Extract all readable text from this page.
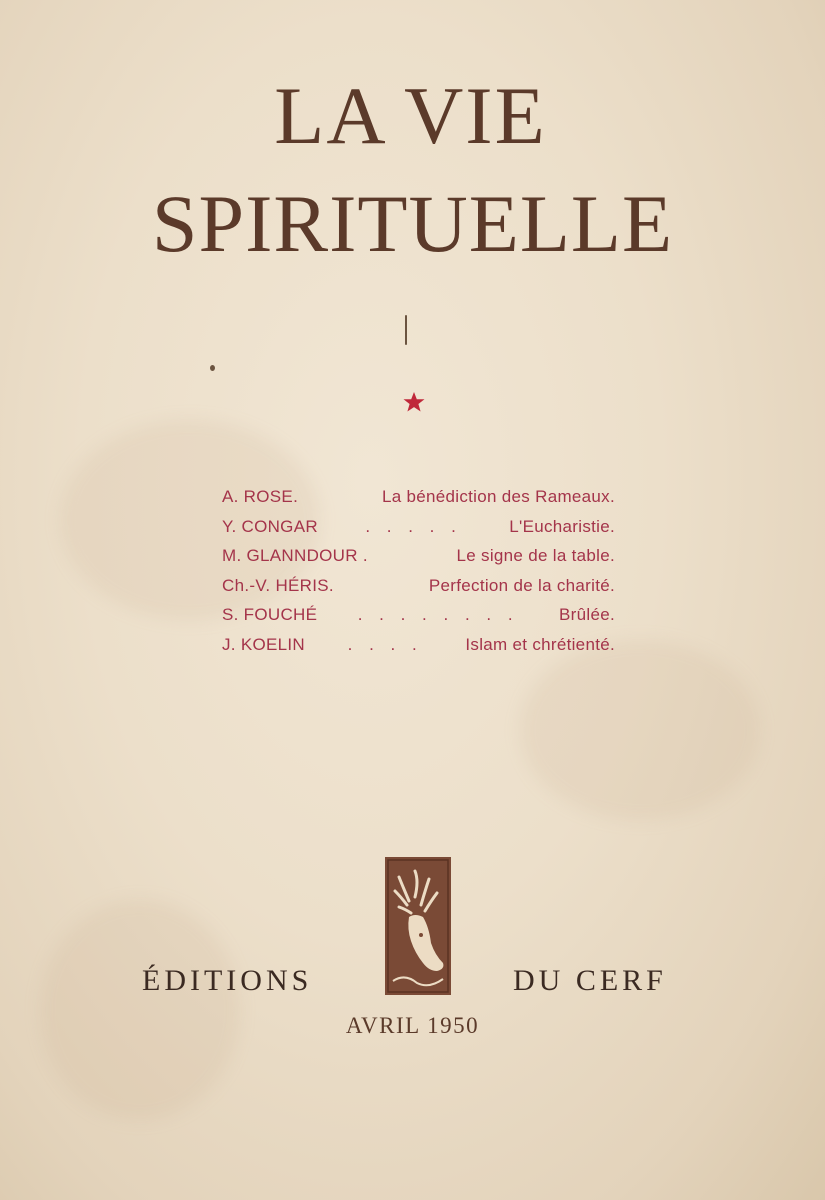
LA VIE
SPIRITUELLE
A. ROSE.	La bénédiction des Rameaux.
Y. CONGAR	. . . . .	L'Eucharistie.
M. GLANNDOUR .	Le signe de la table.
Ch.-V. HÉRIS.	Perfection de la charité.
S. FOUCHÉ	. . . . . . . .	Brûlée.
J. KOELIN	. . . .	Islam et chrétienté.
ÉDITIONS	DU CERF
AVRIL 1950
